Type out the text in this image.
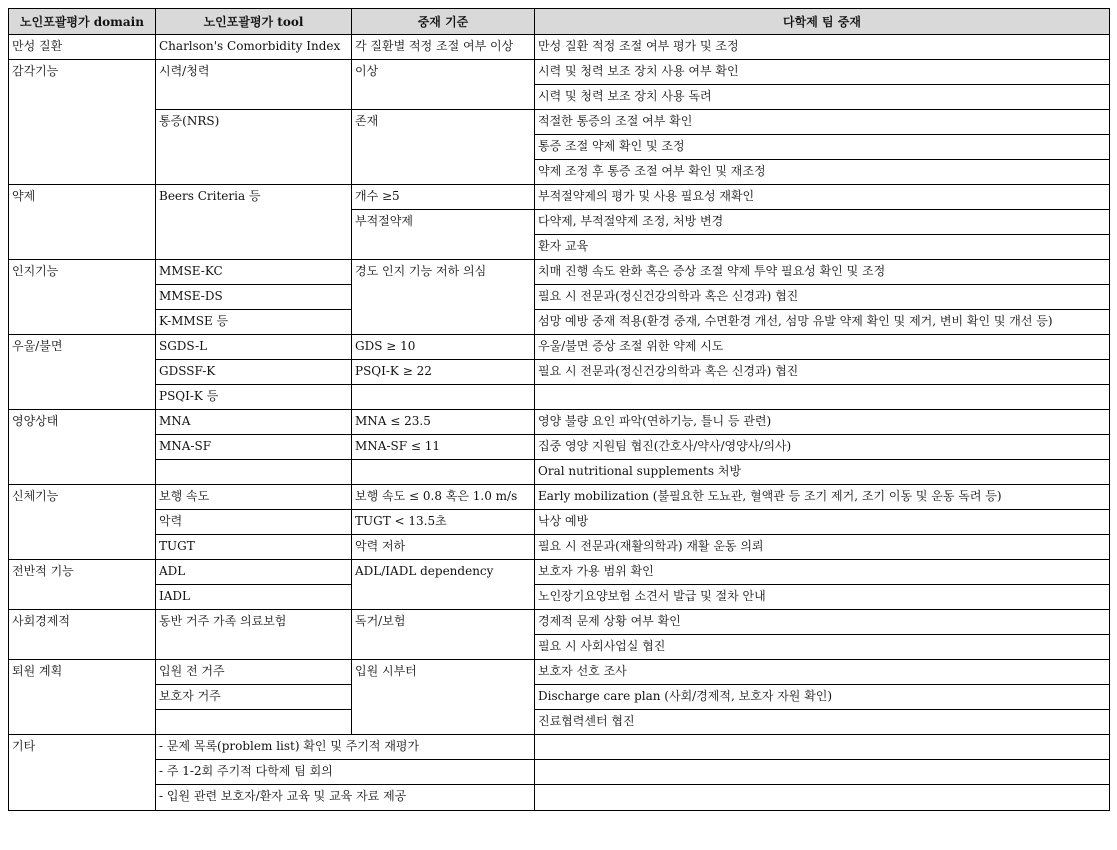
노인포괄평가 domain	노인포괄평가 tool	중재 기준	다학제 팀 중재
만성 질환	Charlson's Comorbidity Index	각 질환별 적정 조절 여부 이상	만성 질환 적정 조절 여부 평가 및 조정
감각기능	시력/청력	이상	시력 및 청력 보조 장치 사용 여부 확인
			시력 및 청력 보조 장치 사용 독려
	통증(NRS)	존재	적절한 통증의 조절 여부 확인
			통증 조절 약제 확인 및 조정
			약제 조정 후 통증 조절 여부 확인 및 재조정
약제	Beers Criteria 등	개수 ≥5	부적절약제의 평가 및 사용 필요성 재확인
		부적절약제	다약제, 부적절약제 조정, 처방 변경
			환자 교육
인지기능	MMSE-KC	경도 인지 기능 저하 의심	치매 진행 속도 완화 혹은 증상 조절 약제 투약 필요성 확인 및 조정
	MMSE-DS		필요 시 전문과(정신건강의학과 혹은 신경과) 협진
	K-MMSE 등		섬망 예방 중재 적용(환경 중재, 수면환경 개선, 섬망 유발 약제 확인 및 제거, 변비 확인 및 개선 등)
우울/불면	SGDS-L	GDS ≥ 10	우울/불면 증상 조절 위한 약제 시도
	GDSSF-K	PSQI-K ≥ 22	필요 시 전문과(정신건강의학과 혹은 신경과) 협진
	PSQI-K 등		
영양상태	MNA	MNA ≤ 23.5	영양 불량 요인 파악(연하기능, 틀니 등 관련)
	MNA-SF	MNA-SF ≤ 11	집중 영양 지원팀 협진(간호사/약사/영양사/의사)
			Oral nutritional supplements 처방
신체기능	보행 속도	보행 속도 ≤ 0.8 혹은 1.0 m/s	Early mobilization (불필요한 도뇨관, 혈액관 등 조기 제거, 조기 이동 및 운동 독려 등)
	악력	TUGT < 13.5초	낙상 예방
	TUGT	악력 저하	필요 시 전문과(재활의학과) 재활 운동 의뢰
전반적 기능	ADL	ADL/IADL dependency	보호자 가용 범위 확인
	IADL		노인장기요양보험 소견서 발급 및 절차 안내
사회경제적	동반 거주 가족 의료보험	독거/보험	경제적 문제 상황 여부 확인
			필요 시 사회사업실 협진
퇴원 계획	입원 전 거주	입원 시부터	보호자 선호 조사
	보호자 거주		Discharge care plan (사회/경제적, 보호자 자원 확인)
			진료협력센터 협진
기타	- 문제 목록(problem list) 확인 및 주기적 재평가		
	- 주 1-2회 주기적 다학제 팀 회의		
	- 입원 관련 보호자/환자 교육 및 교육 자료 제공		
